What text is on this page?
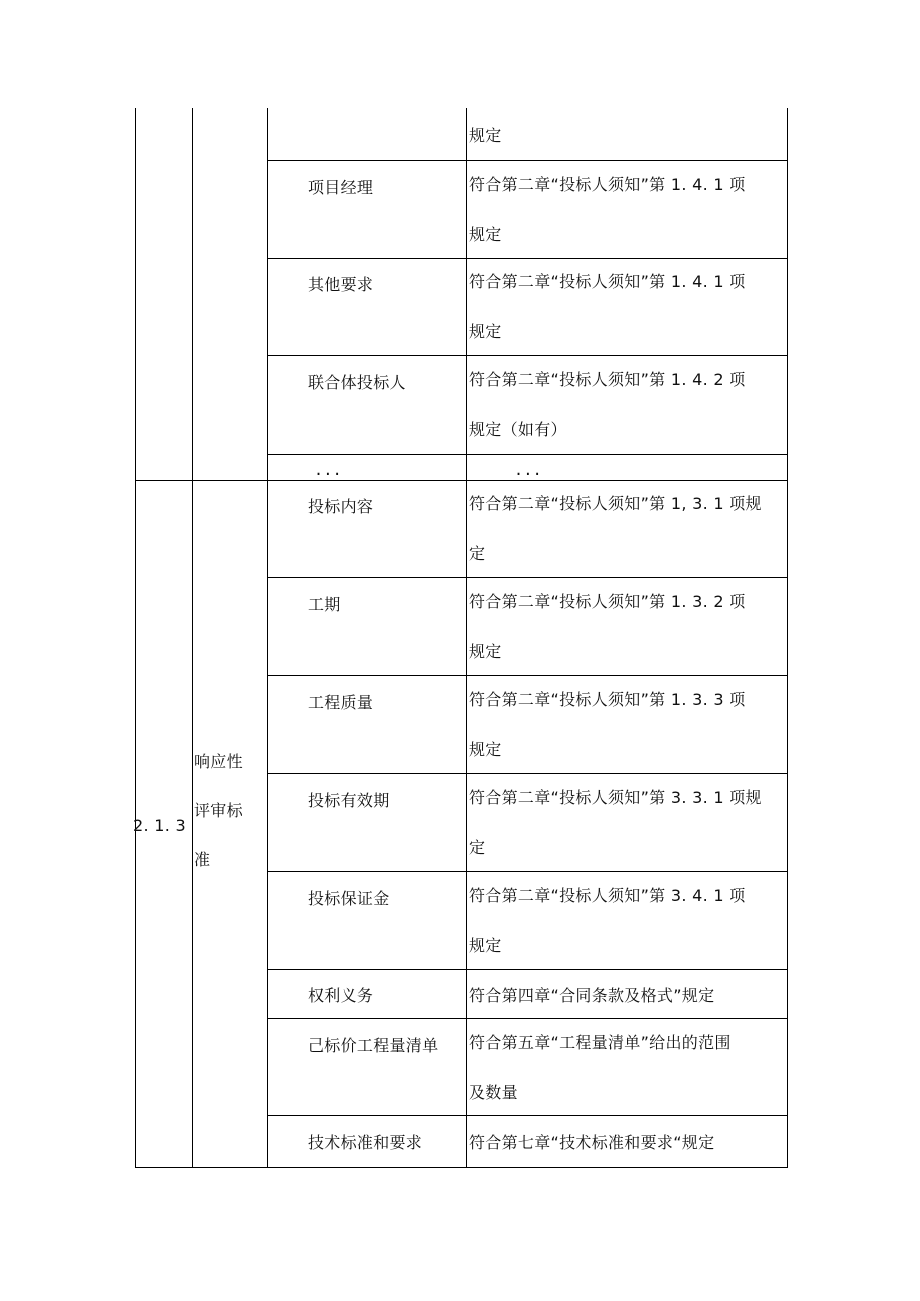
规定
项目经理	符合第二章“投标人须知”第 1. 4. 1 项
规定
其他要求	符合第二章“投标人须知”第 1. 4. 1 项
规定
联合体投标人	符合第二章“投标人须知”第 1. 4. 2 项
规定（如有）
...	...
2. 1. 3
响应性
评审标
准
投标内容	符合第二章“投标人须知”第 1, 3. 1 项规
定
工期	符合第二章“投标人须知”第 1. 3. 2 项
规定
工程质量	符合第二章“投标人须知”第 1. 3. 3 项
规定
投标有效期	符合第二章“投标人须知”第 3. 3. 1 项规
定
投标保证金	符合第二章“投标人须知”第 3. 4. 1 项
规定
权利义务	符合第四章“合同条款及格式”规定
己标价工程量清单 符合第五章“工程量清单”给出的范围
及数量
技术标准和要求	符合第七章“技术标准和要求“规定
